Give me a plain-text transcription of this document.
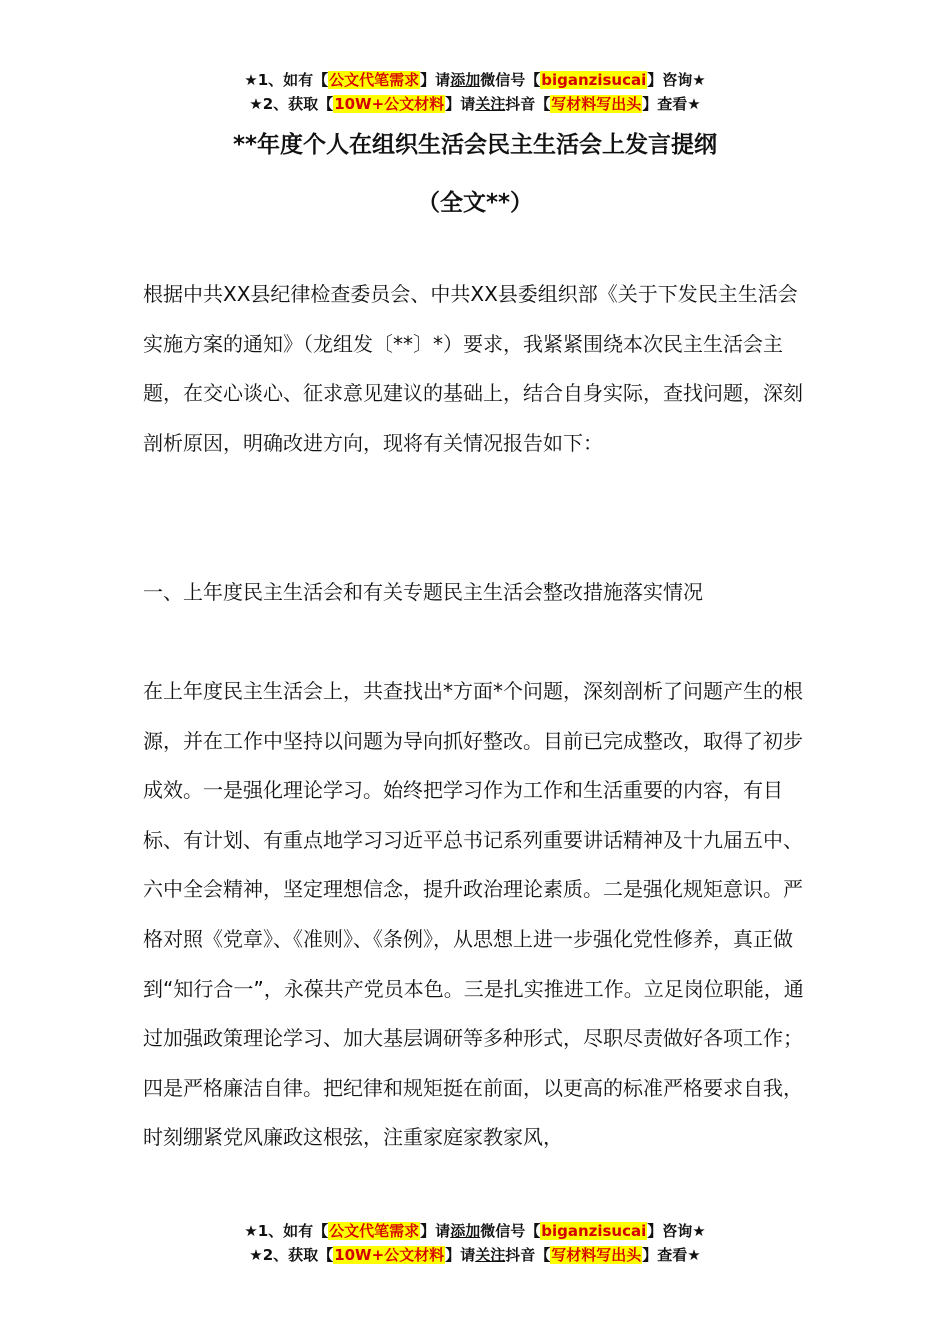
★1、如有【公文代笔需求】请添加微信号【biganzisucai】咨询★
★2、获取【10W+公文材料】请关注抖音【写材料写出头】查看★
**年度个人在组织生活会民主生活会上发言提纲
（全文**）

根据中共XX县纪律检查委员会、中共XX县委组织部《关于下发民主生活会实施方案的通知》（龙组发〔**〕*）要求，我紧紧围绕本次民主生活会主题，在交心谈心、征求意见建议的基础上，结合自身实际，查找问题，深刻剖析原因，明确改进方向，现将有关情况报告如下：

一、上年度民主生活会和有关专题民主生活会整改措施落实情况

在上年度民主生活会上，共查找出*方面*个问题，深刻剖析了问题产生的根源，并在工作中坚持以问题为导向抓好整改。目前已完成整改，取得了初步成效。一是强化理论学习。始终把学习作为工作和生活重要的内容，有目标、有计划、有重点地学习习近平总书记系列重要讲话精神及十九届五中、六中全会精神，坚定理想信念，提升政治理论素质。二是强化规矩意识。严格对照《党章》、《准则》、《条例》，从思想上进一步强化党性修养，真正做到“知行合一”，永葆共产党员本色。三是扎实推进工作。立足岗位职能，通过加强政策理论学习、加大基层调研等多种形式，尽职尽责做好各项工作；四是严格廉洁自律。把纪律和规矩挺在前面，以更高的标准严格要求自我，时刻绷紧党风廉政这根弦，注重家庭家教家风，

★1、如有【公文代笔需求】请添加微信号【biganzisucai】咨询★
★2、获取【10W+公文材料】请关注抖音【写材料写出头】查看★
